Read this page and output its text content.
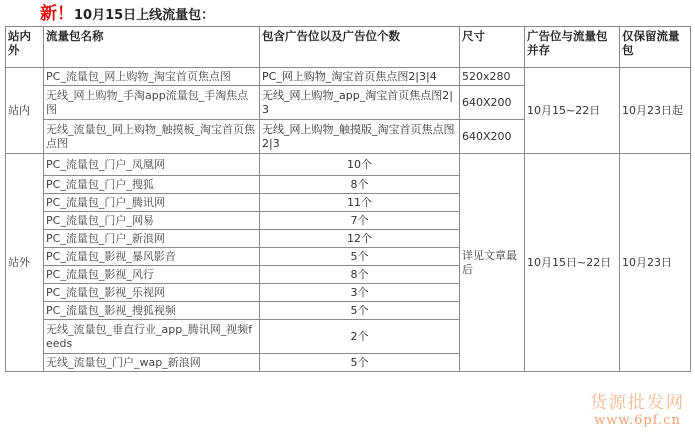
新！10月15日上线流量包：
站内外	流量包名称	包含广告位以及广告位个数	尺寸	广告位与流量包并存	仅保留流量包
站内	PC_流量包_网上购物_淘宝首页焦点图	PC_网上购物_淘宝首页焦点图2|3|4	520x280	10月15~22日	10月23日起
	无线_网上购物_手淘app流量包_手淘焦点图	无线_网上购物_app_淘宝首页焦点图2|3	640X200		
	无线_流量包_网上购物_触摸板_淘宝首页焦点图	无线_网上购物_触摸版_淘宝首页焦点图2|3	640X200		
站外	PC_流量包_门户_凤凰网	10个	详见文章最后	10月15日~22日	10月23日
	PC_流量包_门户_搜狐	8个			
	PC_流量包_门户_腾讯网	11个			
	PC_流量包_门户_网易	7个			
	PC_流量包_门户_新浪网	12个			
	PC_流量包_影视_暴风影音	5个			
	PC_流量包_影视_风行	8个			
	PC_流量包_影视_乐视网	3个			
	PC_流量包_影视_搜狐视频	5个			
	无线_流量包_垂直行业_app_腾讯网_视频feeds	2个			
	无线_流量包_门户_wap_新浪网	5个			
货源批发网
www.6pf.cn
